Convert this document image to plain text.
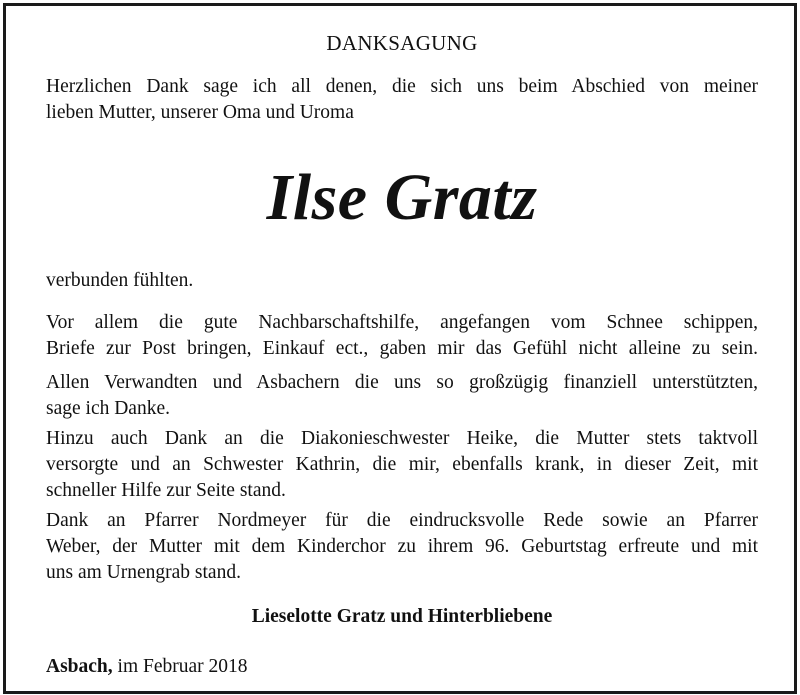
DANKSAGUNG
Herzlichen Dank sage ich all denen, die sich uns beim Abschied von meiner
lieben Mutter, unserer Oma und Uroma
Ilse Gratz
verbunden fühlten.
Vor allem die gute Nachbarschaftshilfe, angefangen vom Schnee schippen,
Briefe zur Post bringen, Einkauf ect., gaben mir das Gefühl nicht alleine zu sein.
Allen Verwandten und Asbachern die uns so großzügig finanziell unterstützten,
sage ich Danke.
Hinzu auch Dank an die Diakonieschwester Heike, die Mutter stets taktvoll
versorgte und an Schwester Kathrin, die mir, ebenfalls krank, in dieser Zeit, mit
schneller Hilfe zur Seite stand.
Dank an Pfarrer Nordmeyer für die eindrucksvolle Rede sowie an Pfarrer
Weber, der Mutter mit dem Kinderchor zu ihrem 96. Geburtstag erfreute und mit
uns am Urnengrab stand.
Lieselotte Gratz und Hinterbliebene
Asbach, im Februar 2018
